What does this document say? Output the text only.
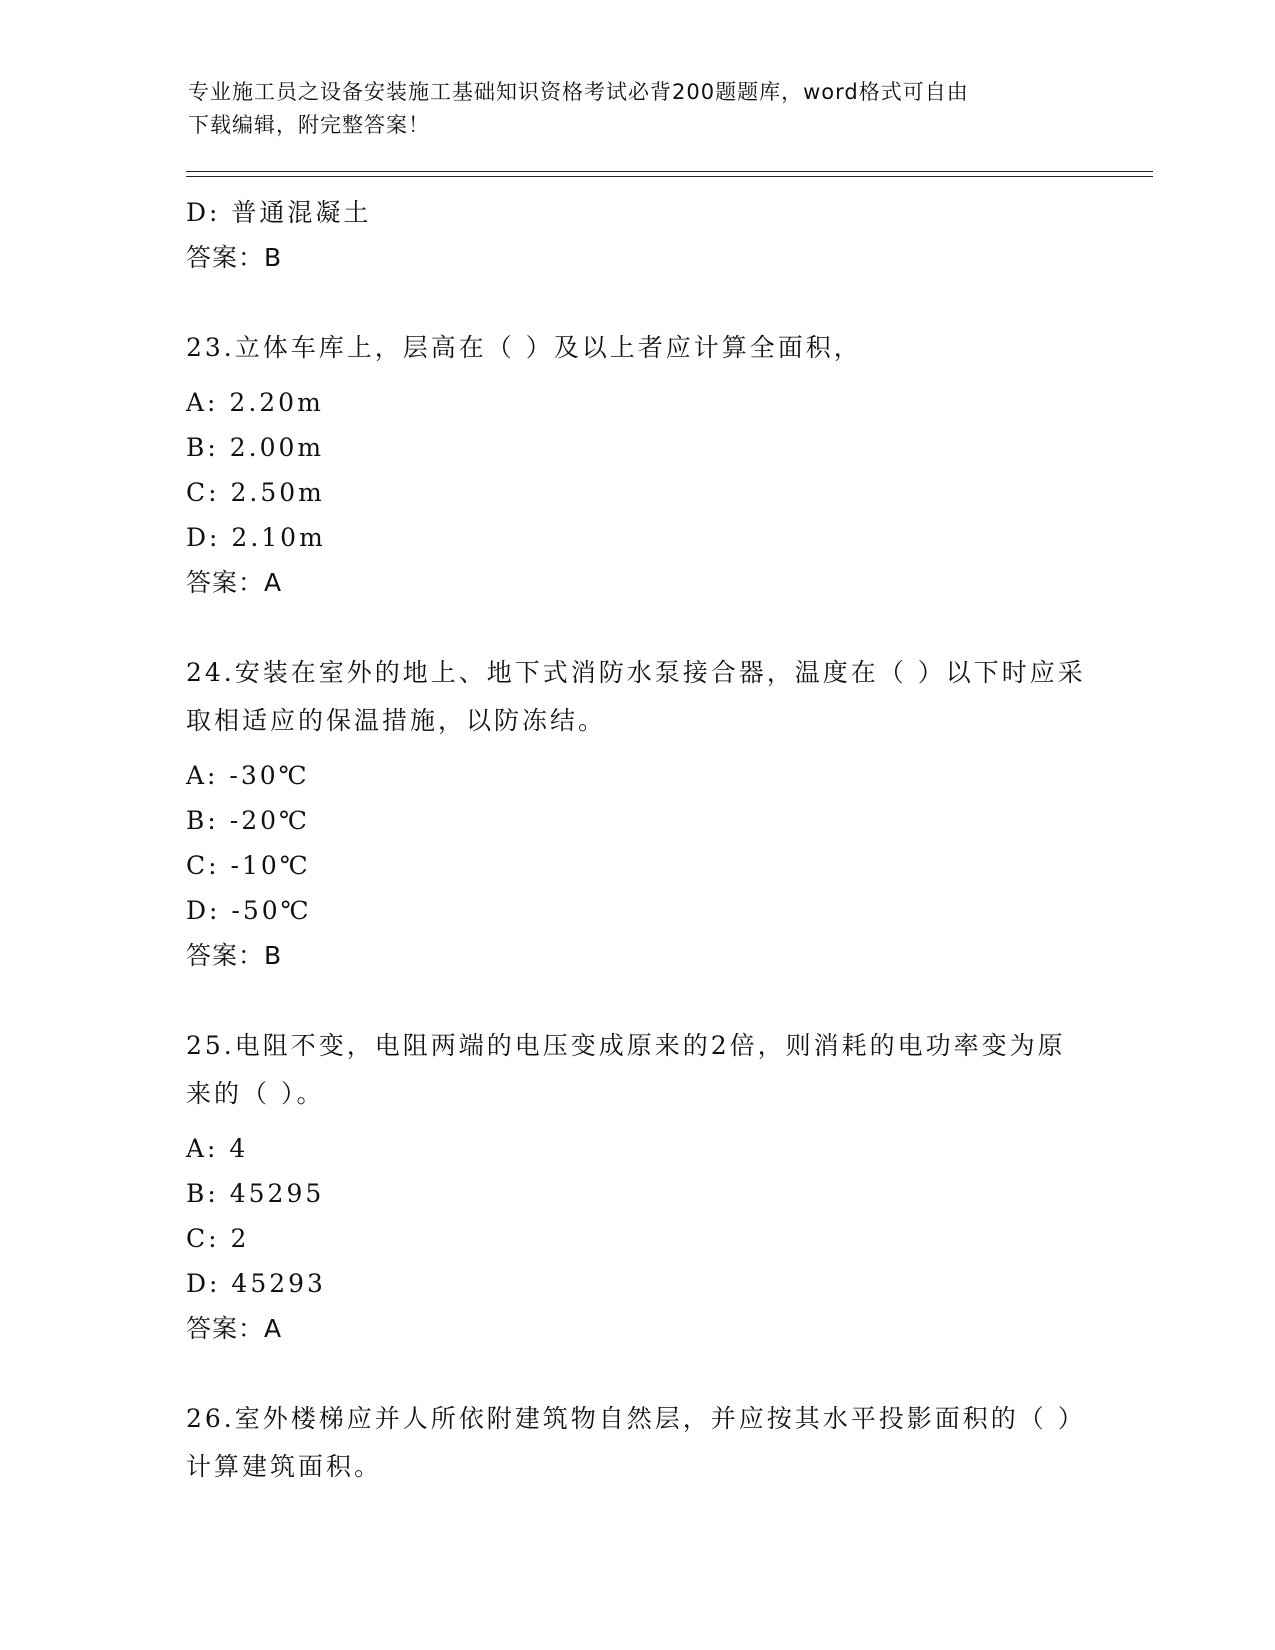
专业施工员之设备安装施工基础知识资格考试必背200题题库，word格式可自由
下载编辑，附完整答案！
D: 普通混凝土
答案：B
23.立体车库上，层高在（ ）及以上者应计算全面积，
A: 2.20m
B: 2.00m
C: 2.50m
D: 2.10m
答案：A
24.安装在室外的地上、地下式消防水泵接合器，温度在（ ）以下时应采取相适应的保温措施，以防冻结。
A: -30℃
B: -20℃
C: -10℃
D: -50℃
答案：B
25.电阻不变，电阻两端的电压变成原来的2倍，则消耗的电功率变为原来的（ ）。
A: 4
B: 45295
C: 2
D: 45293
答案：A
26.室外楼梯应并人所依附建筑物自然层，并应按其水平投影面积的（ ）计算建筑面积。
